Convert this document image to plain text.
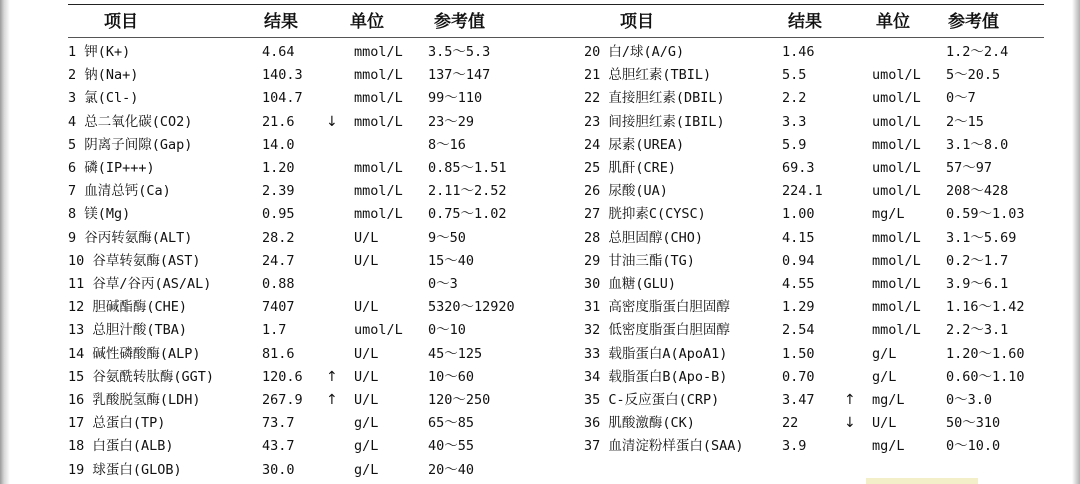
项目	结果	单位	参考值
1 钾(K+)	4.64	mmol/L 3.5～5.3
2 钠(Na+)	140.3	mmol/L 137～147
3 氯(Cl-)	104.7	mmol/L 99～110
4 总二氧化碳(CO2)	21.6 ↓ mmol/L 23～29
5 阴离子间隙(Gap)	14.0	8～16
6 磷(IP+++)	1.20	mmol/L 0.85～1.51
7 血清总钙(Ca)	2.39	mmol/L 2.11～2.52
8 镁(Mg)	0.95	mmol/L 0.75～1.02
9 谷丙转氨酶(ALT)	28.2	U/L	9～50
10 谷草转氨酶(AST)	24.7	U/L	15～40
11 谷草/谷丙(AS/AL)	0.88	0～3
12 胆碱酯酶(CHE)	7407	U/L	5320～12920
13 总胆汁酸(TBA)	1.7	umol/L 0～10
14 碱性磷酸酶(ALP)	81.6	U/L	45～125
15 谷氨酰转肽酶(GGT)	120.6 ↑ U/L	10～60
16 乳酸脱氢酶(LDH)	267.9 ↑ U/L	120～250
17 总蛋白(TP)	73.7	g/L	65～85
18 白蛋白(ALB)	43.7	g/L	40～55
19 球蛋白(GLOB)	30.0	g/L	20～40
项目	结果	单位 参考值
20 白/球(A/G)	1.46	1.2～2.4
21 总胆红素(TBIL)	5.5	umol/L 5～20.5
22 直接胆红素(DBIL)	2.2	umol/L 0～7
23 间接胆红素(IBIL)	3.3	umol/L 2～15
24 尿素(UREA)	5.9	mmol/L 3.1～8.0
25 肌酐(CRE)	69.3	umol/L 57～97
26 尿酸(UA)	224.1	umol/L 208～428
27 胱抑素C(CYSC)	1.00	mg/L	0.59～1.03
28 总胆固醇(CHO)	4.15	mmol/L 3.1～5.69
29 甘油三酯(TG)	0.94	mmol/L 0.2～1.7
30 血糖(GLU)	4.55	mmol/L 3.9～6.1
31 高密度脂蛋白胆固醇	1.29	mmol/L 1.16～1.42
32 低密度脂蛋白胆固醇	2.54	mmol/L 2.2～3.1
33 载脂蛋白A(ApoA1)	1.50	g/L	1.20～1.60
34 载脂蛋白B(Apo-B)	0.70	g/L	0.60～1.10
35 C-反应蛋白(CRP)	3.47 ↑ mg/L	0～3.0
36 肌酸激酶(CK)	22	↓ U/L	50～310
37 血清淀粉样蛋白(SAA)	3.9	mg/L	0～10.0
